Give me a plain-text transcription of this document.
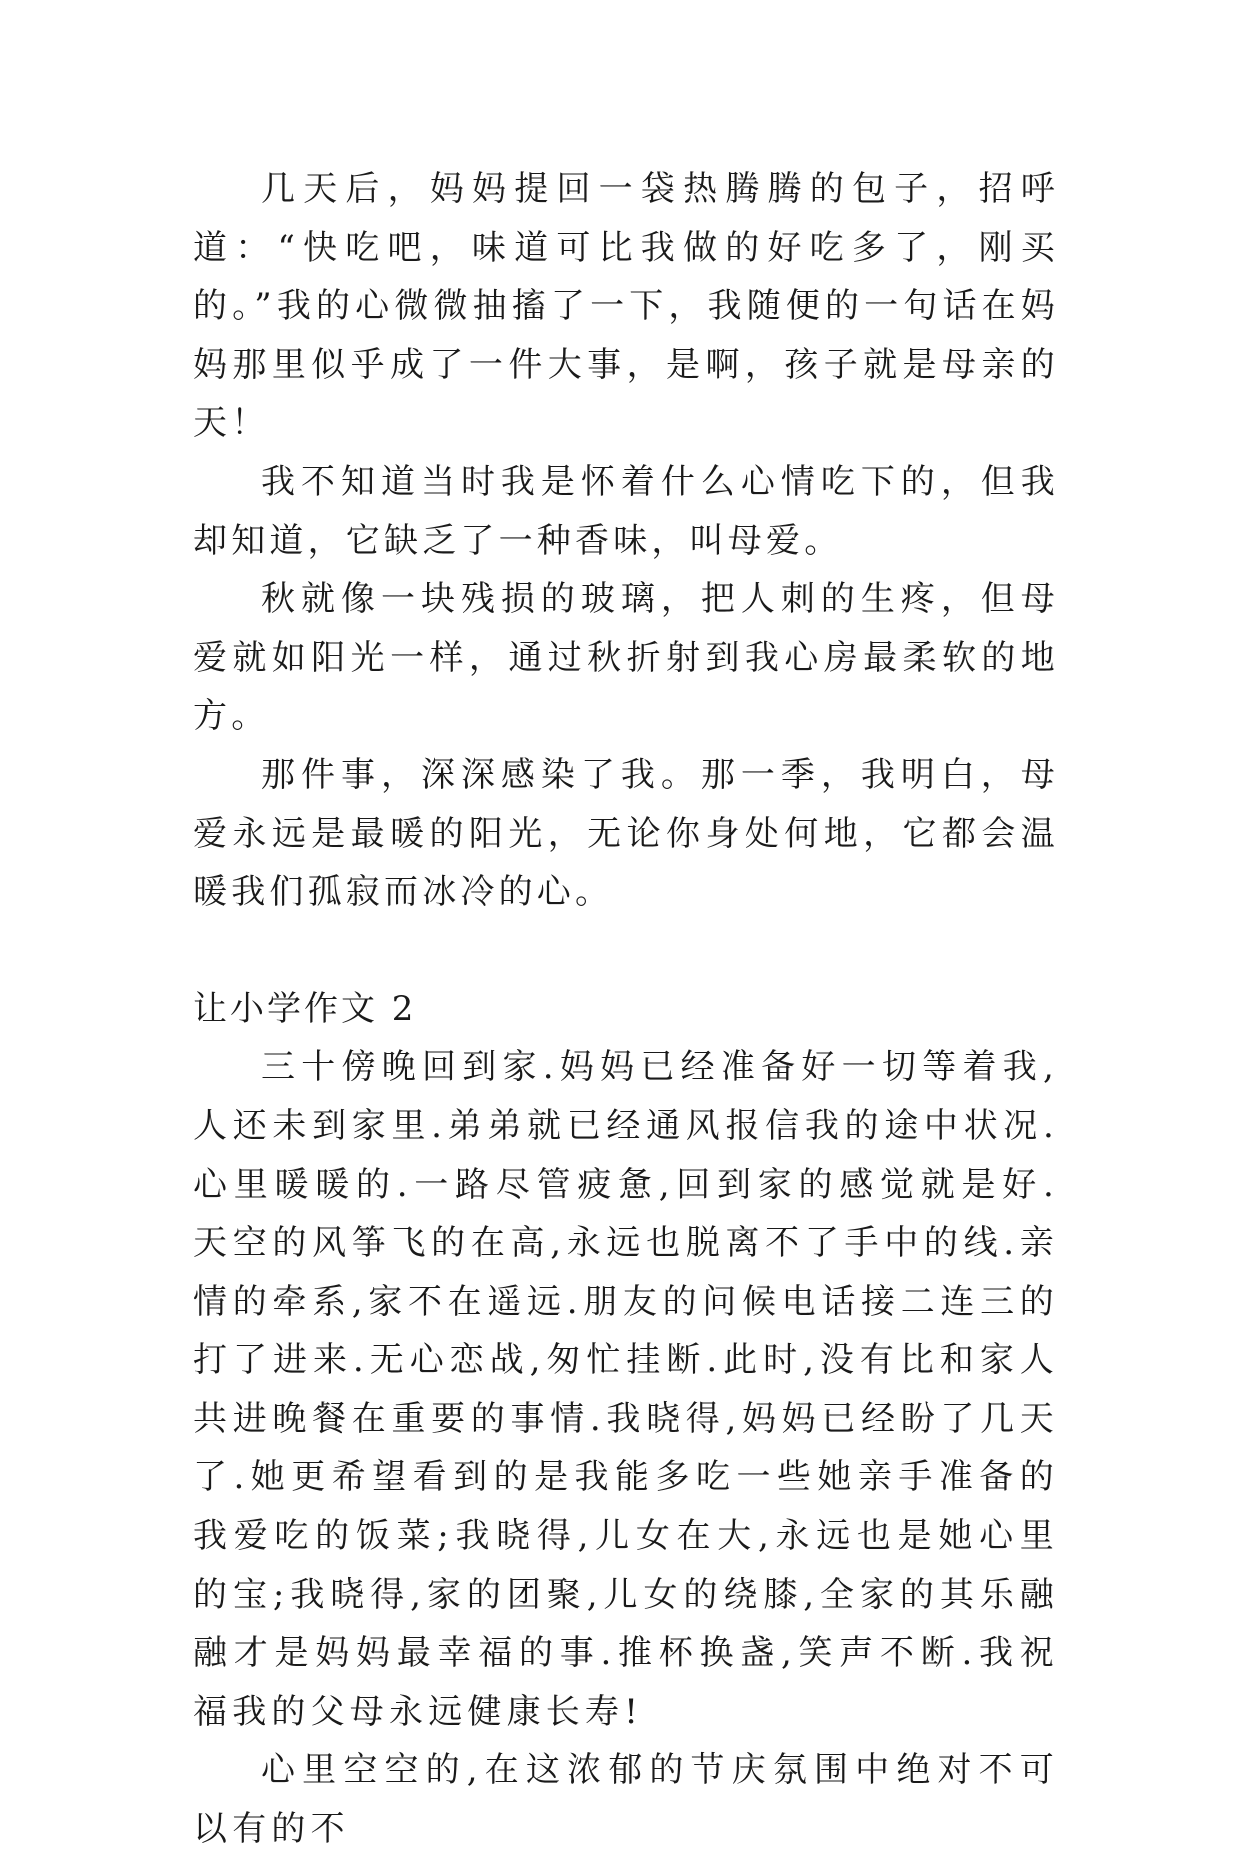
几天后，妈妈提回一袋热腾腾的包子，招呼道：“快吃吧，味道可比我做的好吃多了，刚买的。”我的心微微抽搐了一下，我随便的一句话在妈妈那里似乎成了一件大事，是啊，孩子就是母亲的天！

我不知道当时我是怀着什么心情吃下的，但我却知道，它缺乏了一种香味，叫母爱。

秋就像一块残损的玻璃，把人刺的生疼，但母爱就如阳光一样，通过秋折射到我心房最柔软的地方。

那件事，深深感染了我。那一季，我明白，母爱永远是最暖的阳光，无论你身处何地，它都会温暖我们孤寂而冰冷的心。

让小学作文 2

三十傍晚回到家.妈妈已经准备好一切等着我,人还未到家里.弟弟就已经通风报信我的途中状况.心里暖暖的.一路尽管疲惫,回到家的感觉就是好.天空的风筝飞的在高,永远也脱离不了手中的线.亲情的牵系,家不在遥远.朋友的问候电话接二连三的打了进来.无心恋战,匆忙挂断.此时,没有比和家人共进晚餐在重要的事情.我晓得,妈妈已经盼了几天了.她更希望看到的是我能多吃一些她亲手准备的我爱吃的饭菜;我晓得,儿女在大,永远也是她心里的宝;我晓得,家的团聚,儿女的绕膝,全家的其乐融融才是妈妈最幸福的事.推杯换盏,笑声不断.我祝福我的父母永远健康长寿!

心里空空的,在这浓郁的节庆氛围中绝对不可以有的不
